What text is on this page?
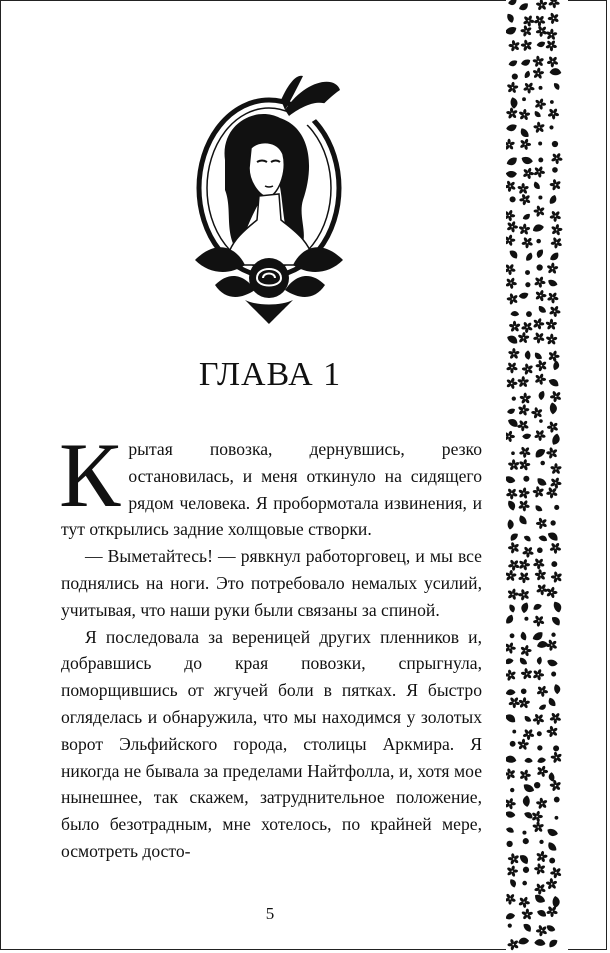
ГЛАВА 1

Крытая повозка, дернувшись, резко остановилась, и меня откинуло на сидящего рядом человека. Я пробормотала извинения, и тут открылись задние холщовые створки.

— Выметайтесь! — рявкнул работорговец, и мы все поднялись на ноги. Это потребовало немалых усилий, учитывая, что наши руки были связаны за спиной.

Я последовала за вереницей других пленников и, добравшись до края повозки, спрыгнула, поморщившись от жгучей боли в пятках. Я быстро огляделась и обнаружила, что мы находимся у золотых ворот Эльфийского города, столицы Аркмира. Я никогда не бывала за пределами Найтфолла, и, хотя мое нынешнее, так скажем, затруднительное положение, было безотрадным, мне хотелось, по крайней мере, осмотреть досто-

5
